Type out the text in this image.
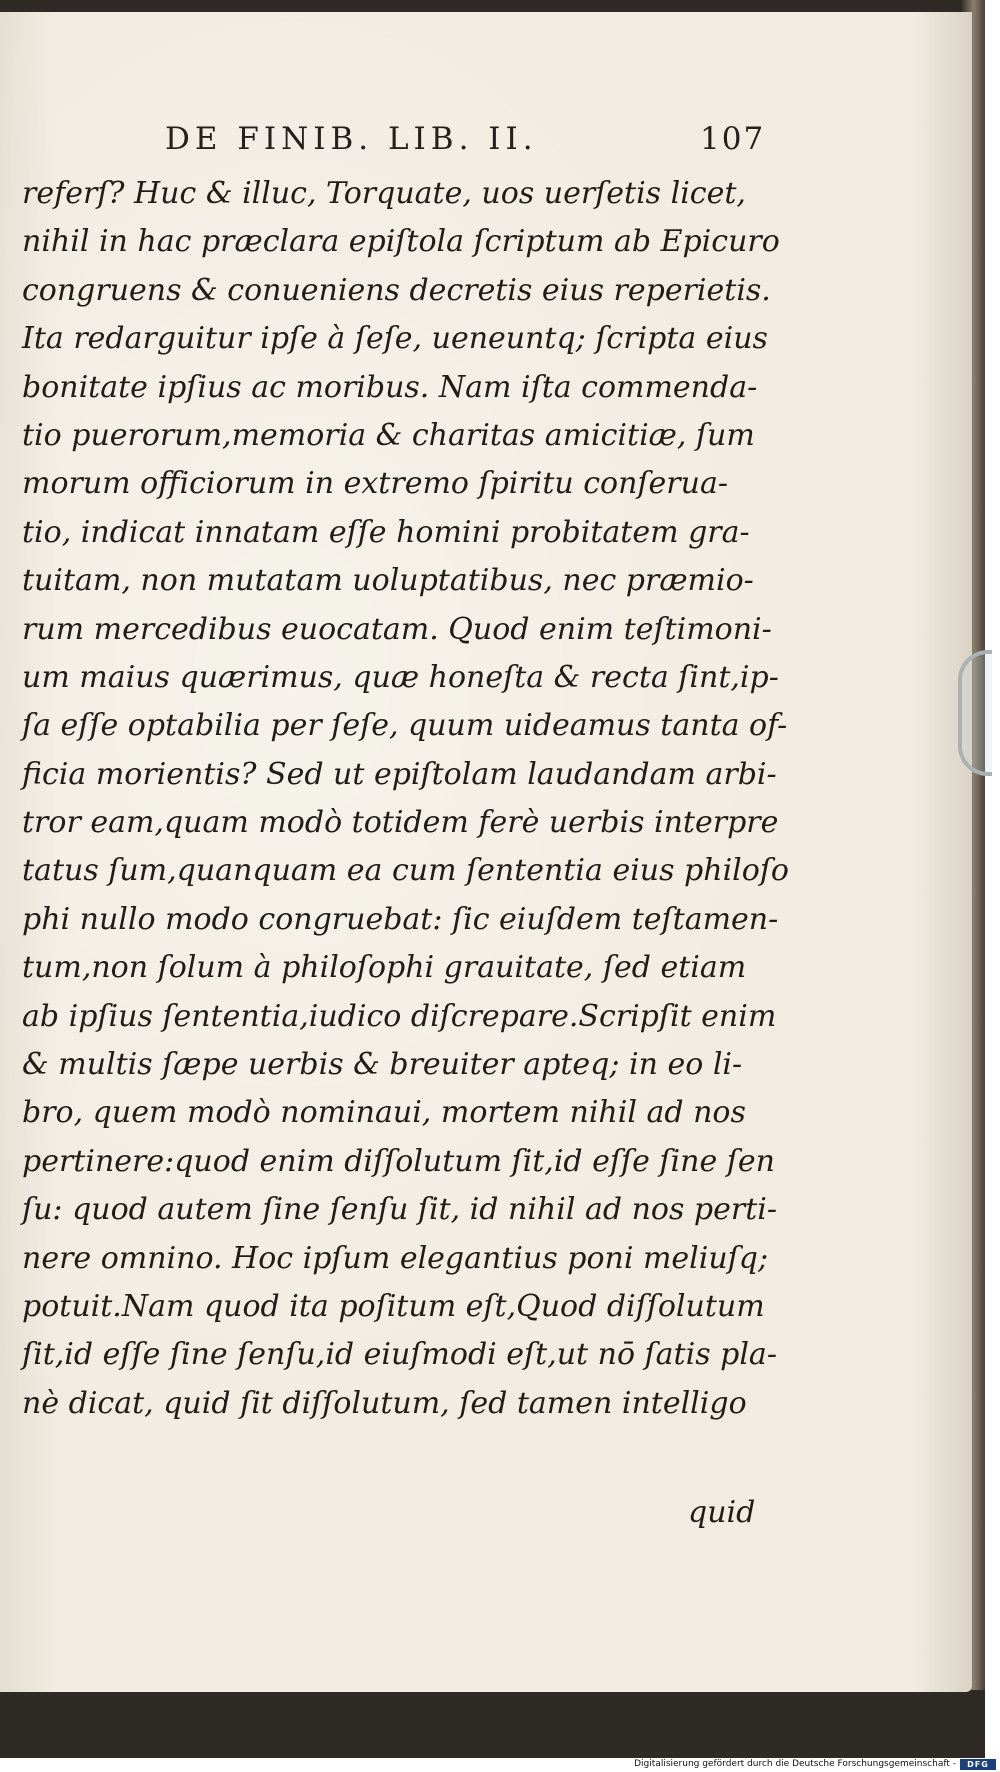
DE FINIB. LIB. II.	107
referſ? Huc & illuc, Torquate, uos uerſetis licet,
nihil in hac præclara epiſtola ſcriptum ab Epicuro
congruens & conueniens decretis eius reperietis.
Ita redarguitur ipſe à ſeſe, ueneuntq; ſcripta eius
bonitate ipſius ac moribus. Nam iſta commenda-
tio puerorum,memoria & charitas amicitiæ, ſum
morum officiorum in extremo ſpiritu conſerua-
tio, indicat innatam eſſe homini probitatem gra-
tuitam, non mutatam uoluptatibus, nec præmio-
rum mercedibus euocatam. Quod enim teſtimoni-
um maius quærimus, quæ honeſta & recta ſint,ip-
ſa eſſe optabilia per ſeſe, quum uideamus tanta of-
ficia morientis? Sed ut epiſtolam laudandam arbi-
tror eam,quam modò totidem ferè uerbis interpre
tatus ſum,quanquam ea cum ſententia eius philoſo
phi nullo modo congruebat: ſic eiuſdem teſtamen-
tum,non ſolum à philoſophi grauitate, ſed etiam
ab ipſius ſententia,iudico diſcrepare.Scripſit enim
& multis ſæpe uerbis & breuiter apteq; in eo li-
bro, quem modò nominaui, mortem nihil ad nos
pertinere:quod enim diſſolutum ſit,id eſſe ſine ſen
ſu: quod autem ſine ſenſu ſit, id nihil ad nos perti-
nere omnino. Hoc ipſum elegantius poni meliuſq;
potuit.Nam quod ita poſitum eſt,Quod diſſolutum
ſit,id eſſe ſine ſenſu,id eiuſmodi eſt,ut nō ſatis pla-
nè dicat, quid ſit diſſolutum, ſed tamen intelligo
quid
Digitalisierung gefördert durch die Deutsche Forschungsgemeinschaft -	DFG
